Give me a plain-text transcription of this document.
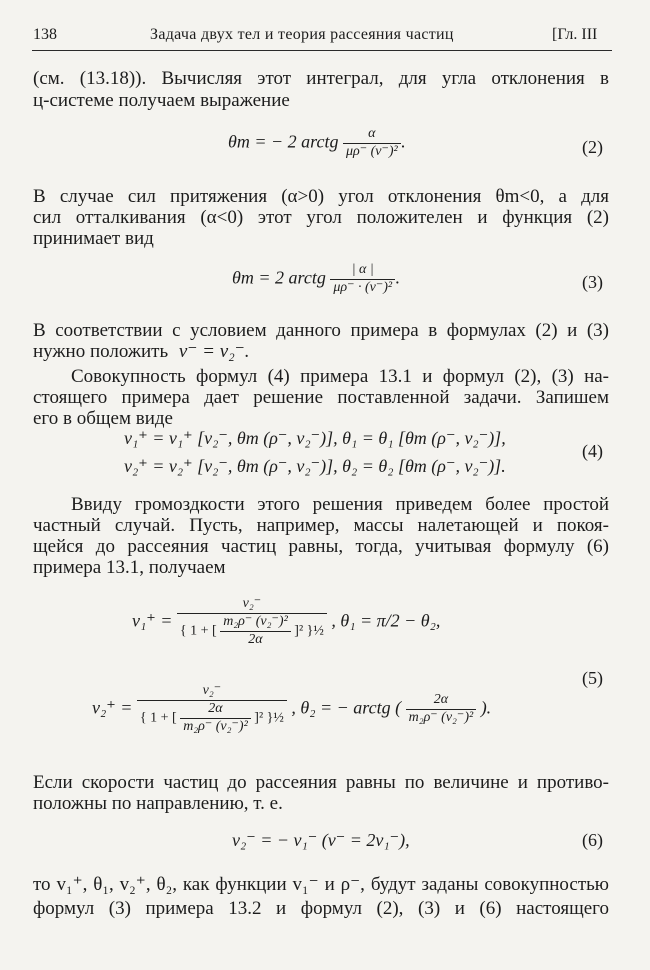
138	Задача двух тел и теория рассеяния частиц	[Гл. III
(см. (13.18)). Вычисляя этот интеграл, для угла отклонения в
ц-системе получаем выражение
θm = − 2 arctg $\frac{\alpha}{\text{μρ⁻ (v⁻)²}}$ .	(2)
В случае сил притяжения (α>0) угол отклонения θm<0, а для
сил отталкивания (α<0) этот угол положителен и функция (2)
принимает вид
θm = 2 arctg $\frac{| \alpha |}{\text{μρ⁻ · (v⁻)²}}$ .	(3)
В соответствии с условием данного примера в формулах (2) и (3)
нужно положить v⁻ = v₂⁻.
Совокупность формул (4) примера 13.1 и формул (2), (3) на-
стоящего примера дает решение поставленной задачи. Запишем
его в общем виде
v₁⁺ = v₁⁺ [v₂⁻, θm (ρ⁻, v₂⁻)], θ₁ = θ₁ [θm (ρ⁻, v₂⁻)],
v₂⁺ = v₂⁺ [v₂⁻, θm (ρ⁻, v₂⁻)], θ₂ = θ₂ [θm (ρ⁻, v₂⁻)].
(4)
Ввиду громоздкости этого решения приведем более простой
частный случай. Пусть, например, массы налетающей и покоя-
щейся до рассеяния частиц равны, тогда, учитывая формулу (6)
примера 13.1, получаем
v₁⁺ =
v₂⁻
{ 1 + [ $\frac{\text{m₂ρ⁻ (v₂⁻)²}}{2\alpha} ]^2$ }½
, θ₁ = π/2 − θ₂,
(5)
v₂⁺ =
v₂⁻
{ 1 + [ $\frac{2\alpha}{\text{m₂ρ⁻ (v₂⁻)²}} ]^2$ }½
, θ₂ = − arctg ( $\frac{2\alpha}{\text{m₂ρ⁻ (v₂⁻)²}}$ ).
Если скорости частиц до рассеяния равны по величине и противо-
положны по направлению, т. е.
v₂⁻ = − v₁⁻ (v⁻ = 2v₁⁻),	(6)
то v₁⁺, θ₁, v₂⁺, θ₂, как функции v₁⁻ и ρ⁻, будут заданы совокупностью
формул (3) примера 13.2 и формул (2), (3) и (6) настоящего
